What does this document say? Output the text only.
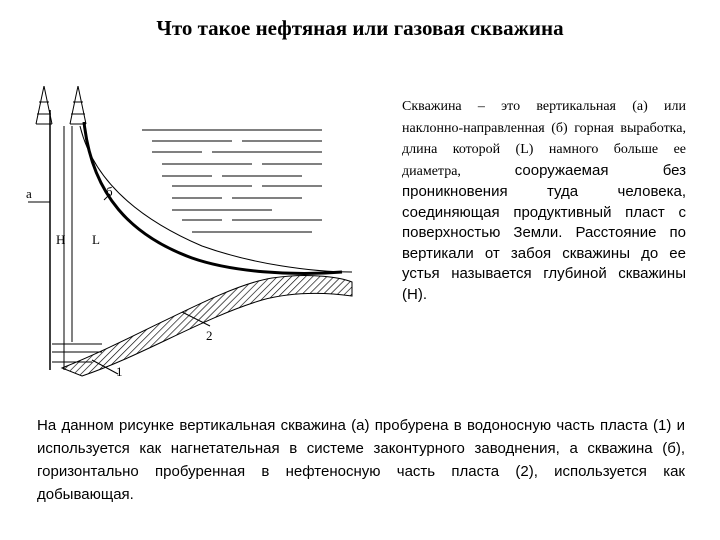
Что такое нефтяная или газовая скважина
а	б
Н L
2
1
Скважина – это вертикальная (а) или наклонно-направленная (б) горная выработка, длина которой (L) намного больше ее диаметра,	сооружаемая без проникновения туда человека, соединяющая продуктивный пласт с поверхностью Земли. Расстояние по вертикали от забоя скважины до ее устья называется глубиной скважины (Н).
На данном рисунке вертикальная скважина (а) пробурена в водоносную часть пласта (1) и используется как нагнетательная в системе законтурного заводнения, а скважина (б), горизонтально пробуренная в нефтеносную часть пласта (2), используется как добывающая.
